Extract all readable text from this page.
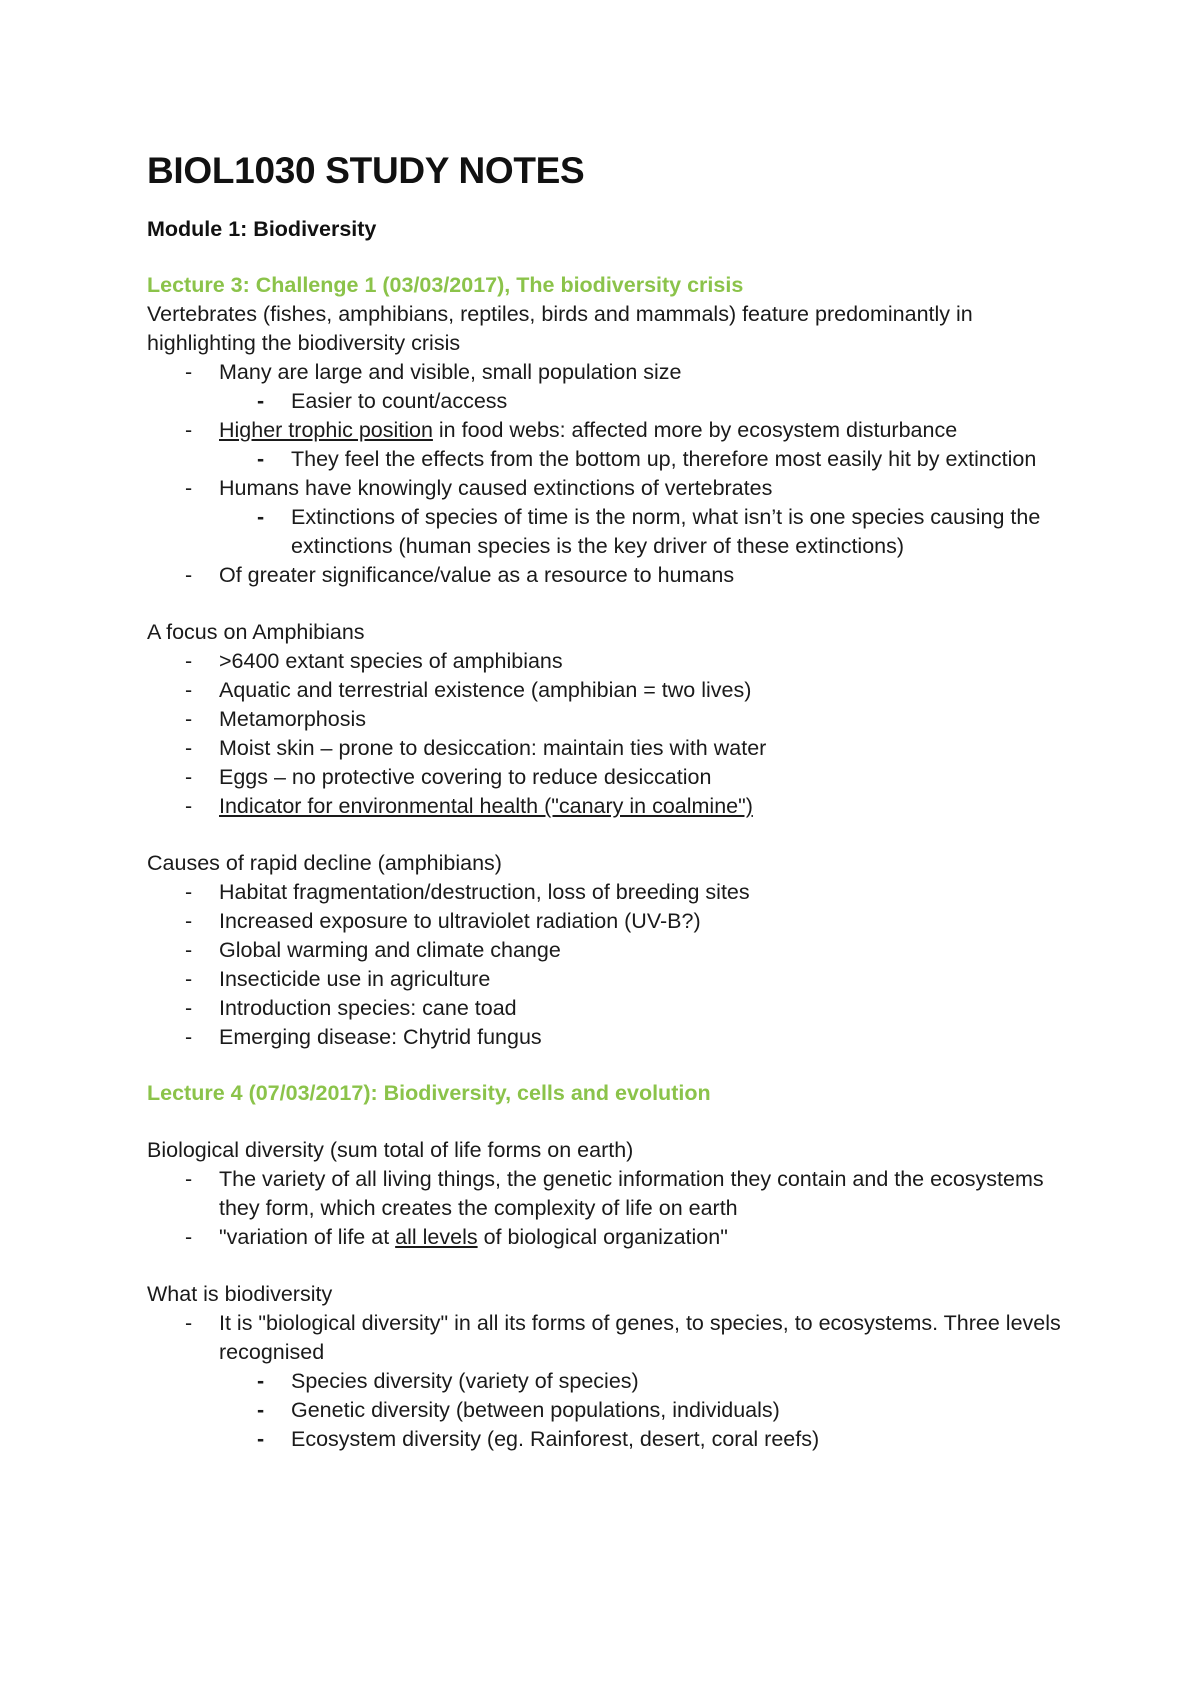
BIOL1030 STUDY NOTES
Module 1: Biodiversity
Lecture 3: Challenge 1 (03/03/2017), The biodiversity crisis
Vertebrates (fishes, amphibians, reptiles, birds and mammals) feature predominantly in highlighting the biodiversity crisis
- Many are large and visible, small population size
- Easier to count/access
- Higher trophic position in food webs: affected more by ecosystem disturbance
- They feel the effects from the bottom up, therefore most easily hit by extinction
- Humans have knowingly caused extinctions of vertebrates
- Extinctions of species of time is the norm, what isn’t is one species causing the extinctions (human species is the key driver of these extinctions)
- Of greater significance/value as a resource to humans
A focus on Amphibians
- >6400 extant species of amphibians
- Aquatic and terrestrial existence (amphibian = two lives)
- Metamorphosis
- Moist skin – prone to desiccation: maintain ties with water
- Eggs – no protective covering to reduce desiccation
- Indicator for environmental health ("canary in coalmine")
Causes of rapid decline (amphibians)
- Habitat fragmentation/destruction, loss of breeding sites
- Increased exposure to ultraviolet radiation (UV-B?)
- Global warming and climate change
- Insecticide use in agriculture
- Introduction species: cane toad
- Emerging disease: Chytrid fungus
Lecture 4 (07/03/2017): Biodiversity, cells and evolution
Biological diversity (sum total of life forms on earth)
- The variety of all living things, the genetic information they contain and the ecosystems they form, which creates the complexity of life on earth
- "variation of life at all levels of biological organization"
What is biodiversity
- It is "biological diversity" in all its forms of genes, to species, to ecosystems. Three levels recognised
- Species diversity (variety of species)
- Genetic diversity (between populations, individuals)
- Ecosystem diversity (eg. Rainforest, desert, coral reefs)
